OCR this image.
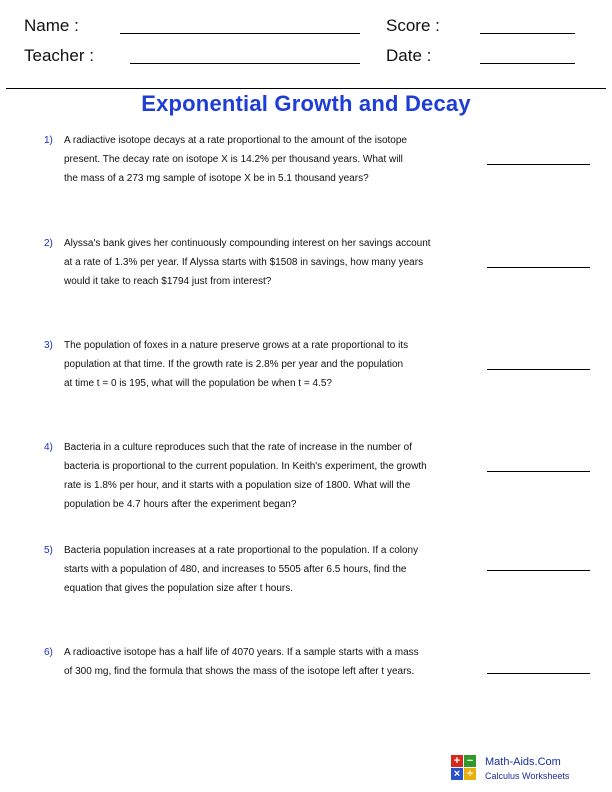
Name :	Score :
Teacher :	Date :
Exponential Growth and Decay
1) A radiactive isotope decays at a rate proportional to the amount of the isotope
present. The decay rate on isotope X is 14.2% per thousand years. What will
the mass of a 273 mg sample of isotope X be in 5.1 thousand years?
2) Alyssa's bank gives her continuously compounding interest on her savings account
at a rate of 1.3% per year. If Alyssa starts with $1508 in savings, how many years
would it take to reach $1794 just from interest?
3) The population of foxes in a nature preserve grows at a rate proportional to its
population at that time. If the growth rate is 2.8% per year and the population
at time t = 0 is 195, what will the population be when t = 4.5?
4) Bacteria in a culture reproduces such that the rate of increase in the number of
bacteria is proportional to the current population. In Keith's experiment, the growth
rate is 1.8% per hour, and it starts with a population size of 1800. What will the
population be 4.7 hours after the experiment began?
5) Bacteria population increases at a rate proportional to the population. If a colony
starts with a population of 480, and increases to 5505 after 6.5 hours, find the
equation that gives the population size after t hours.
6) A radioactive isotope has a half life of 4070 years. If a sample starts with a mass
of 300 mg, find the formula that shows the mass of the isotope left after t years.
+ −
× ÷
Math-Aids.Com
Calculus Worksheets
